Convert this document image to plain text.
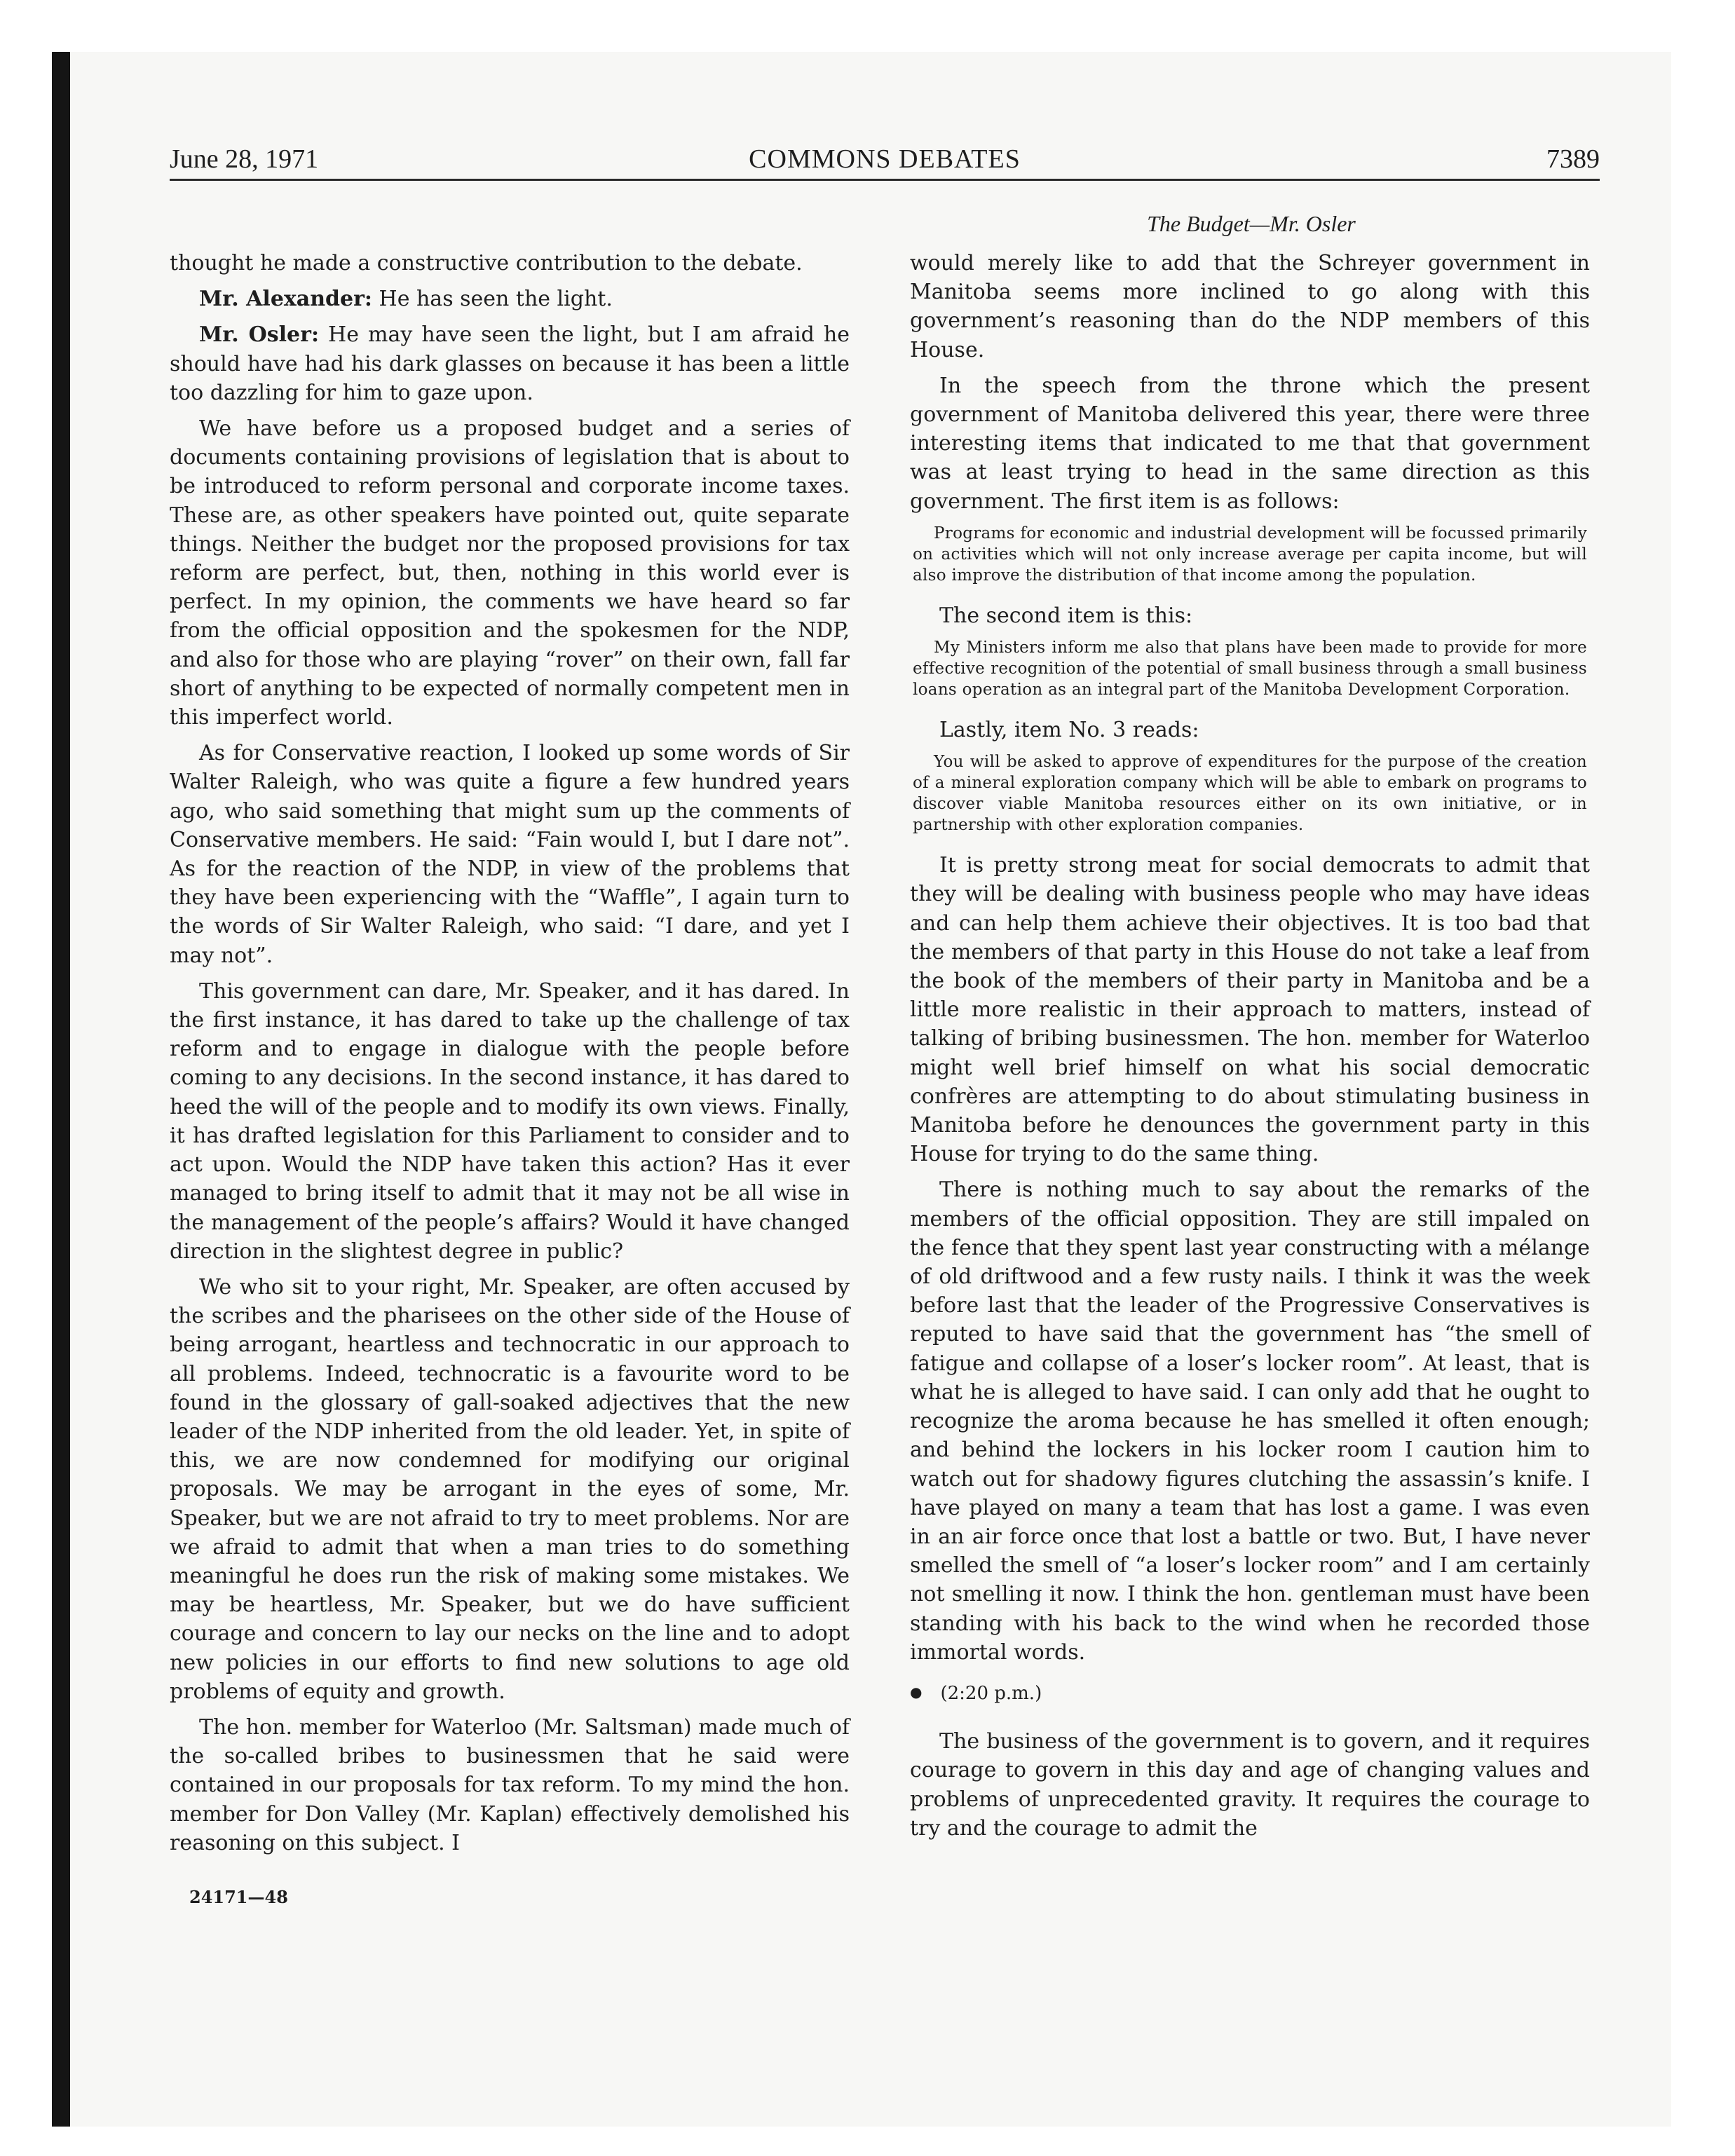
June 28, 1971	COMMONS DEBATES	7389
The Budget—Mr. Osler

thought he made a constructive contribution to the debate.

Mr. Alexander: He has seen the light.

Mr. Osler: He may have seen the light, but I am afraid he should have had his dark glasses on because it has been a little too dazzling for him to gaze upon.

We have before us a proposed budget and a series of documents containing provisions of legislation that is about to be introduced to reform personal and corporate income taxes. These are, as other speakers have pointed out, quite separate things. Neither the budget nor the proposed provisions for tax reform are perfect, but, then, nothing in this world ever is perfect. In my opinion, the comments we have heard so far from the official opposition and the spokesmen for the NDP, and also for those who are playing “rover” on their own, fall far short of anything to be expected of normally competent men in this imperfect world.

As for Conservative reaction, I looked up some words of Sir Walter Raleigh, who was quite a figure a few hundred years ago, who said something that might sum up the comments of Conservative members. He said: “Fain would I, but I dare not”. As for the reaction of the NDP, in view of the problems that they have been experiencing with the “Waffle”, I again turn to the words of Sir Walter Raleigh, who said: “I dare, and yet I may not”.

This government can dare, Mr. Speaker, and it has dared. In the first instance, it has dared to take up the challenge of tax reform and to engage in dialogue with the people before coming to any decisions. In the second instance, it has dared to heed the will of the people and to modify its own views. Finally, it has drafted legislation for this Parliament to consider and to act upon. Would the NDP have taken this action? Has it ever managed to bring itself to admit that it may not be all wise in the management of the people’s affairs? Would it have changed direction in the slightest degree in public?

We who sit to your right, Mr. Speaker, are often accused by the scribes and the pharisees on the other side of the House of being arrogant, heartless and technocratic in our approach to all problems. Indeed, technocratic is a favourite word to be found in the glossary of gall-soaked adjectives that the new leader of the NDP inherited from the old leader. Yet, in spite of this, we are now condemned for modifying our original proposals. We may be arrogant in the eyes of some, Mr. Speaker, but we are not afraid to try to meet problems. Nor are we afraid to admit that when a man tries to do something meaningful he does run the risk of making some mistakes. We may be heartless, Mr. Speaker, but we do have sufficient courage and concern to lay our necks on the line and to adopt new policies in our efforts to find new solutions to age old problems of equity and growth.

The hon. member for Waterloo (Mr. Saltsman) made much of the so-called bribes to businessmen that he said were contained in our proposals for tax reform. To my mind the hon. member for Don Valley (Mr. Kaplan) effectively demolished his reasoning on this subject. I

would merely like to add that the Schreyer government in Manitoba seems more inclined to go along with this government’s reasoning than do the NDP members of this House.

In the speech from the throne which the present government of Manitoba delivered this year, there were three interesting items that indicated to me that that government was at least trying to head in the same direction as this government. The first item is as follows:

Programs for economic and industrial development will be focussed primarily on activities which will not only increase average per capita income, but will also improve the distribution of that income among the population.

The second item is this:

My Ministers inform me also that plans have been made to provide for more effective recognition of the potential of small business through a small business loans operation as an integral part of the Manitoba Development Corporation.

Lastly, item No. 3 reads:

You will be asked to approve of expenditures for the purpose of the creation of a mineral exploration company which will be able to embark on programs to discover viable Manitoba resources either on its own initiative, or in partnership with other exploration companies.

It is pretty strong meat for social democrats to admit that they will be dealing with business people who may have ideas and can help them achieve their objectives. It is too bad that the members of that party in this House do not take a leaf from the book of the members of their party in Manitoba and be a little more realistic in their approach to matters, instead of talking of bribing businessmen. The hon. member for Waterloo might well brief himself on what his social democratic confrères are attempting to do about stimulating business in Manitoba before he denounces the government party in this House for trying to do the same thing.

There is nothing much to say about the remarks of the members of the official opposition. They are still impaled on the fence that they spent last year constructing with a mélange of old driftwood and a few rusty nails. I think it was the week before last that the leader of the Progressive Conservatives is reputed to have said that the government has “the smell of fatigue and collapse of a loser’s locker room”. At least, that is what he is alleged to have said. I can only add that he ought to recognize the aroma because he has smelled it often enough; and behind the lockers in his locker room I caution him to watch out for shadowy figures clutching the assassin’s knife. I have played on many a team that has lost a game. I was even in an air force once that lost a battle or two. But, I have never smelled the smell of “a loser’s locker room” and I am certainly not smelling it now. I think the hon. gentleman must have been standing with his back to the wind when he recorded those immortal words.

● (2:20 p.m.)

The business of the government is to govern, and it requires courage to govern in this day and age of changing values and problems of unprecedented gravity. It requires the courage to try and the courage to admit the

24171—48
